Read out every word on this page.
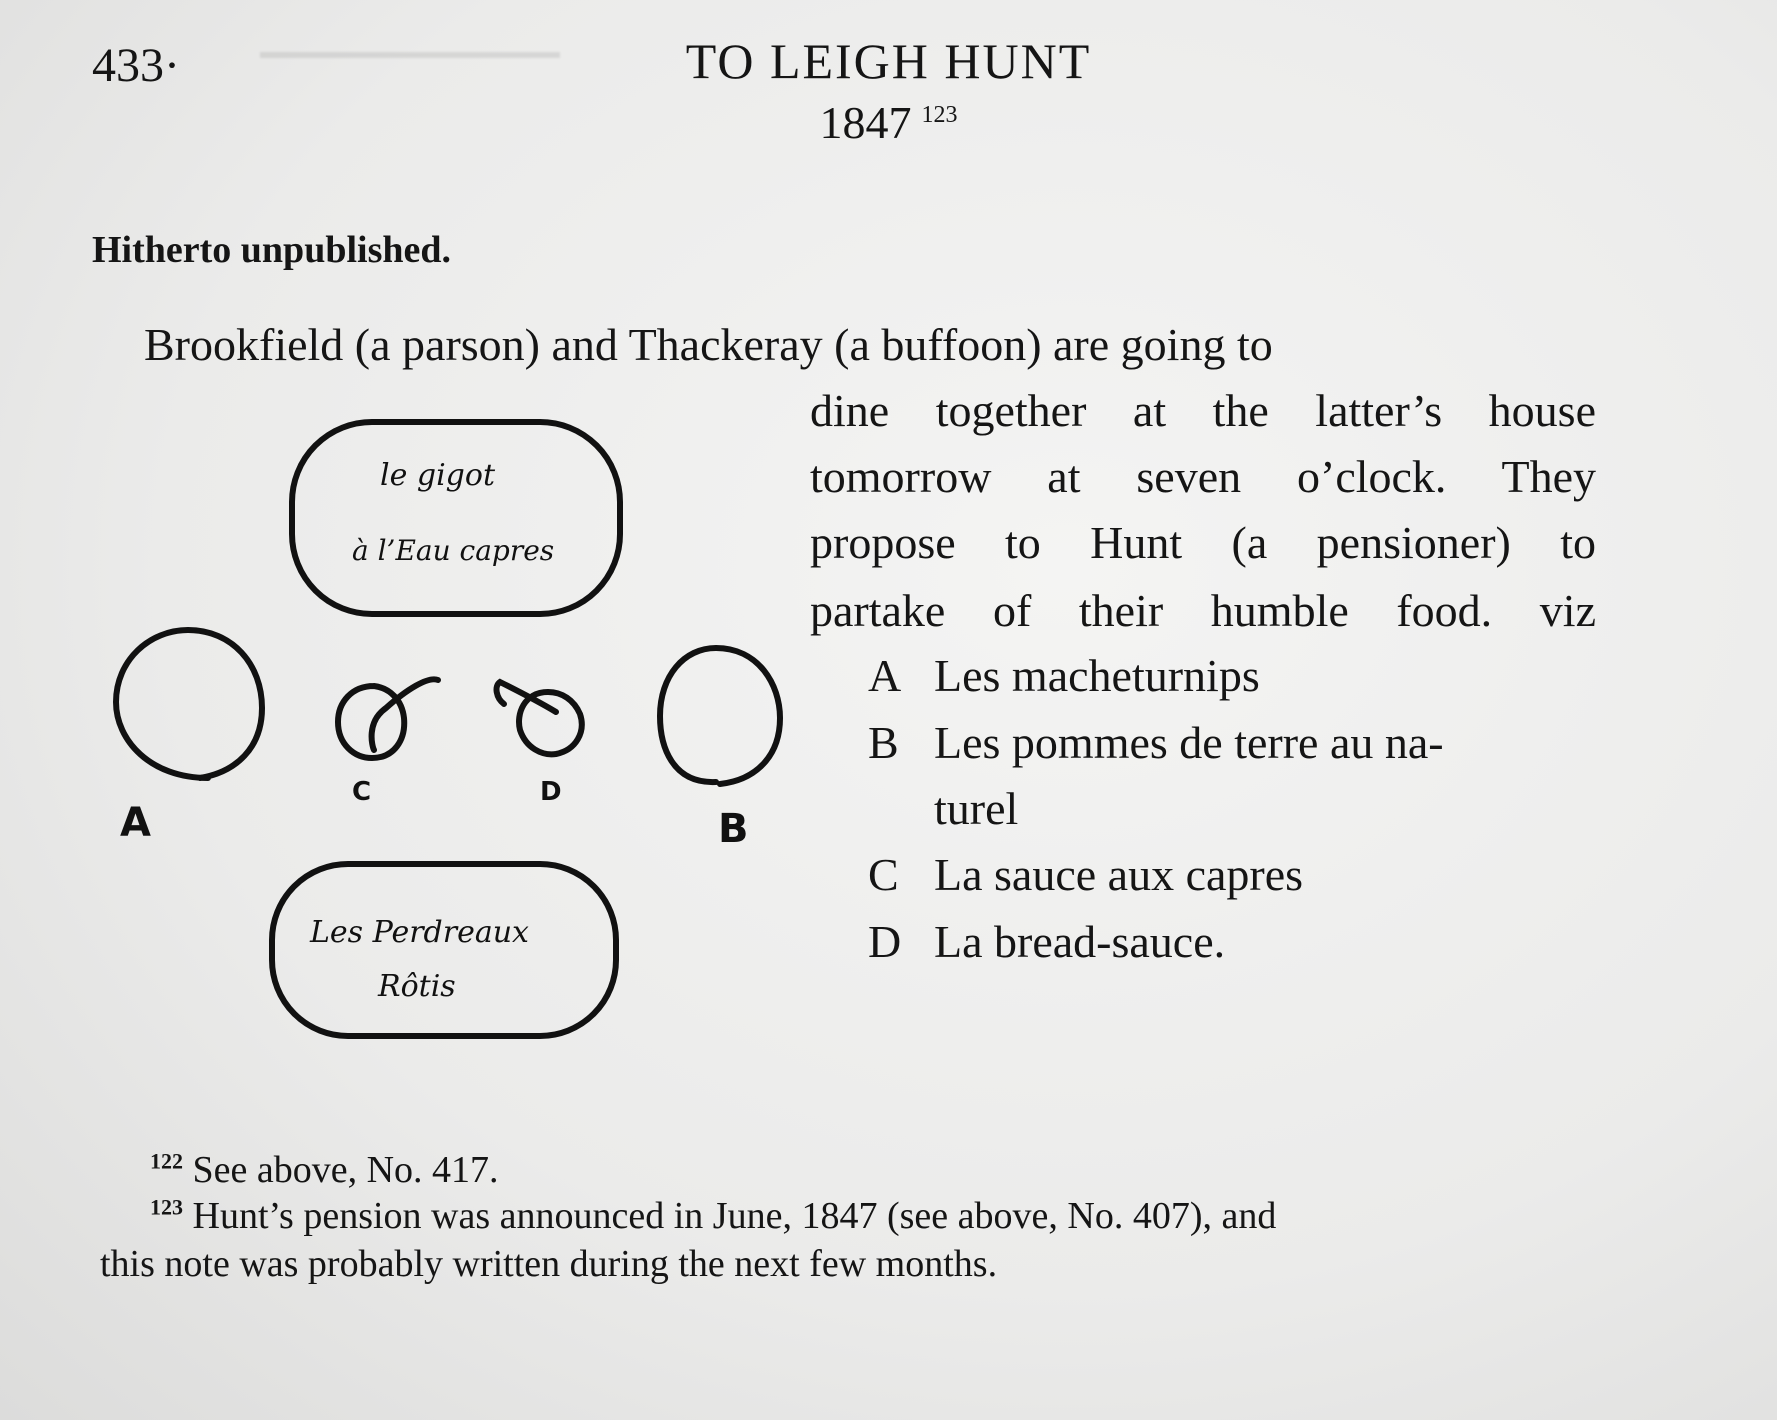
433·	TO LEIGH HUNT
1847 $^{123}$
Hitherto unpublished.
Brookfield (a parson) and Thackeray (a buffoon) are going to
dine together at the latter’s house
tomorrow at seven o’clock. They
propose to Hunt (a pensioner) to
partake of their humble food. viz
A Les macheturnips
B Les pommes de terre au na-
turel
C La sauce aux capres
D La bread-sauce.
le gigot
à l’Eau capres
Les Perdreaux
Rôtis
A
C	D
B
$^{122}$ See above, No. 417.
$^{123}$ Hunt’s pension was announced in June, 1847 (see above, No. 407), and
this note was probably written during the next few months.
